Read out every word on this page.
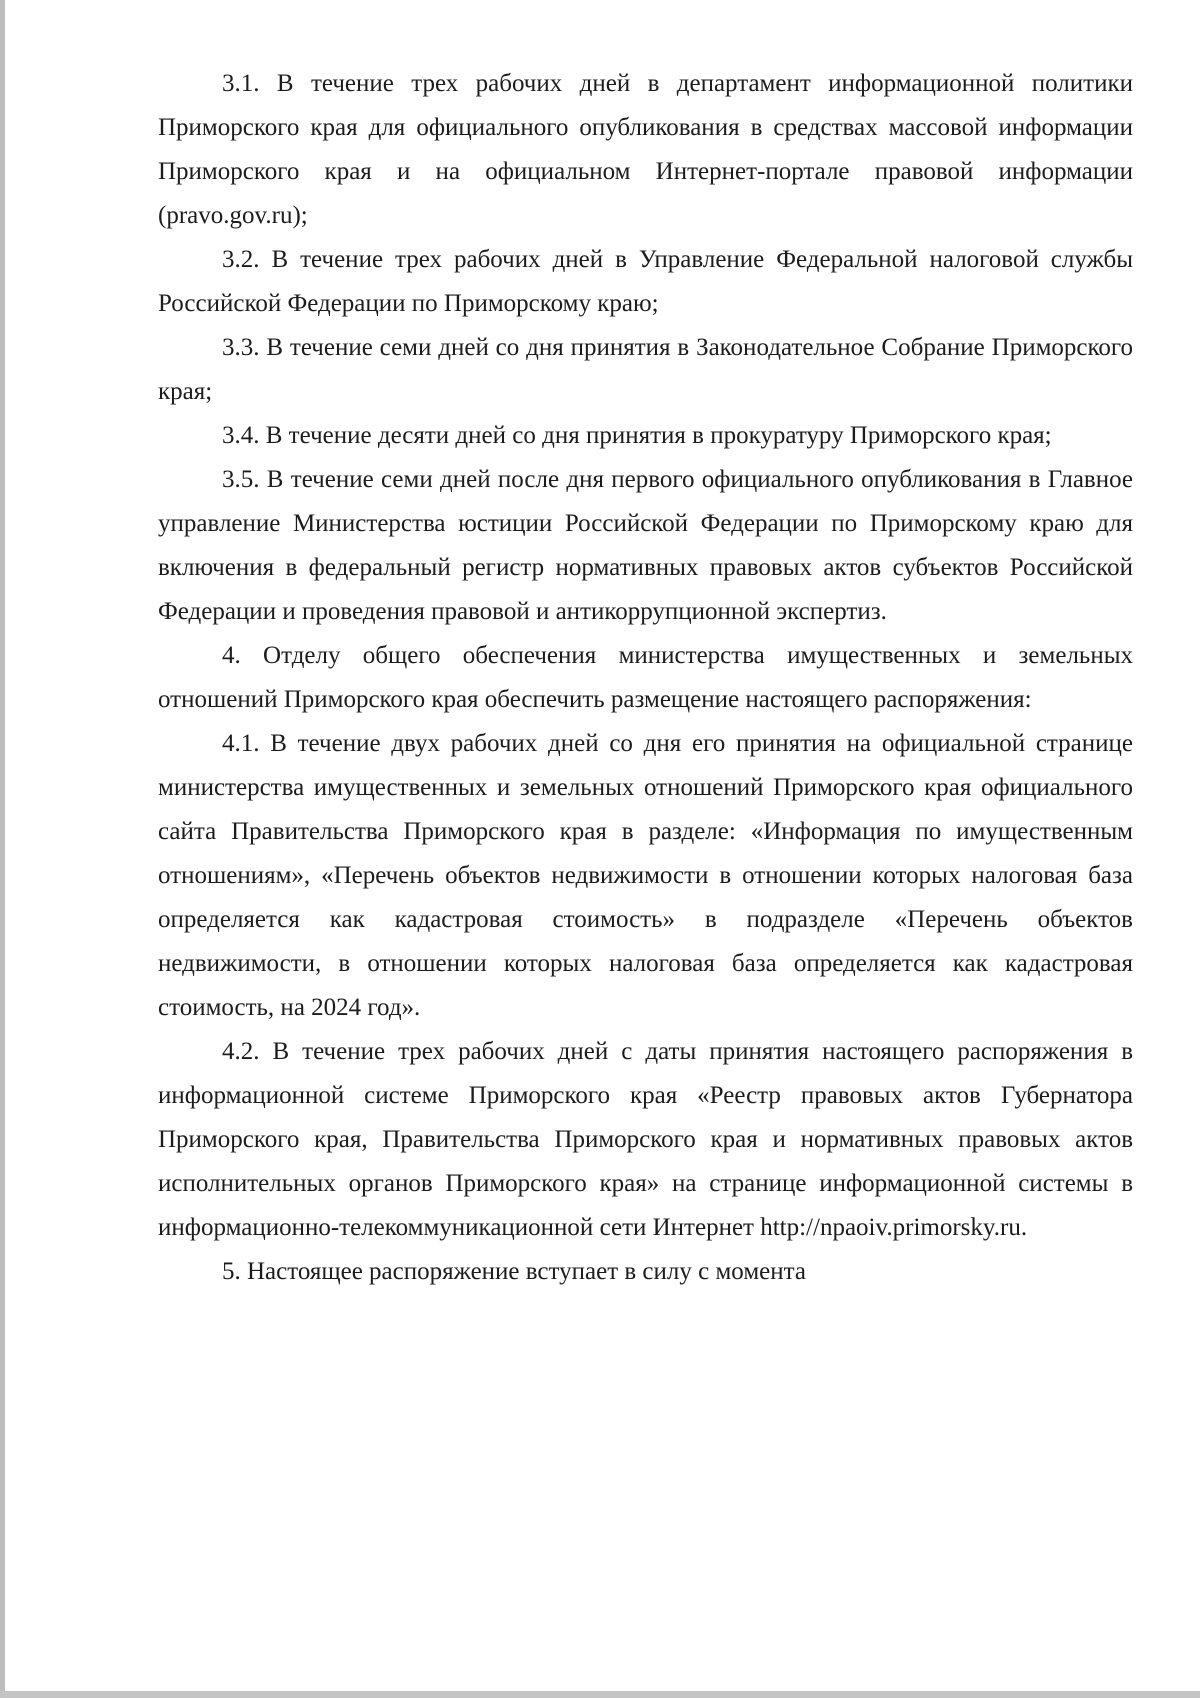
3.1. В течение трех рабочих дней в департамент информационной политики Приморского края для официального опубликования в средствах массовой информации Приморского края и на официальном Интернет-портале правовой информации (pravo.gov.ru);

3.2. В течение трех рабочих дней в Управление Федеральной налоговой службы Российской Федерации по Приморскому краю;

3.3. В течение семи дней со дня принятия в Законодательное Собрание Приморского края;

3.4. В течение десяти дней со дня принятия в прокуратуру Приморского края;

3.5. В течение семи дней после дня первого официального опубликования в Главное управление Министерства юстиции Российской Федерации по Приморскому краю для включения в федеральный регистр нормативных правовых актов субъектов Российской Федерации и проведения правовой и антикоррупционной экспертиз.

4. Отделу общего обеспечения министерства имущественных и земельных отношений Приморского края обеспечить размещение настоящего распоряжения:

4.1. В течение двух рабочих дней со дня его принятия на официальной странице министерства имущественных и земельных отношений Приморского края официального сайта Правительства Приморского края в разделе: «Информация по имущественным отношениям», «Перечень объектов недвижимости в отношении которых налоговая база определяется как кадастровая стоимость» в подразделе «Перечень объектов недвижимости, в отношении которых налоговая база определяется как кадастровая стоимость, на 2024 год».

4.2. В течение трех рабочих дней с даты принятия настоящего распоряжения в информационной системе Приморского края «Реестр правовых актов Губернатора Приморского края, Правительства Приморского края и нормативных правовых актов исполнительных органов Приморского края» на странице информационной системы в информационно-телекоммуникационной сети Интернет http://npaoiv.primorsky.ru.

5. Настоящее распоряжение вступает в силу с момента
